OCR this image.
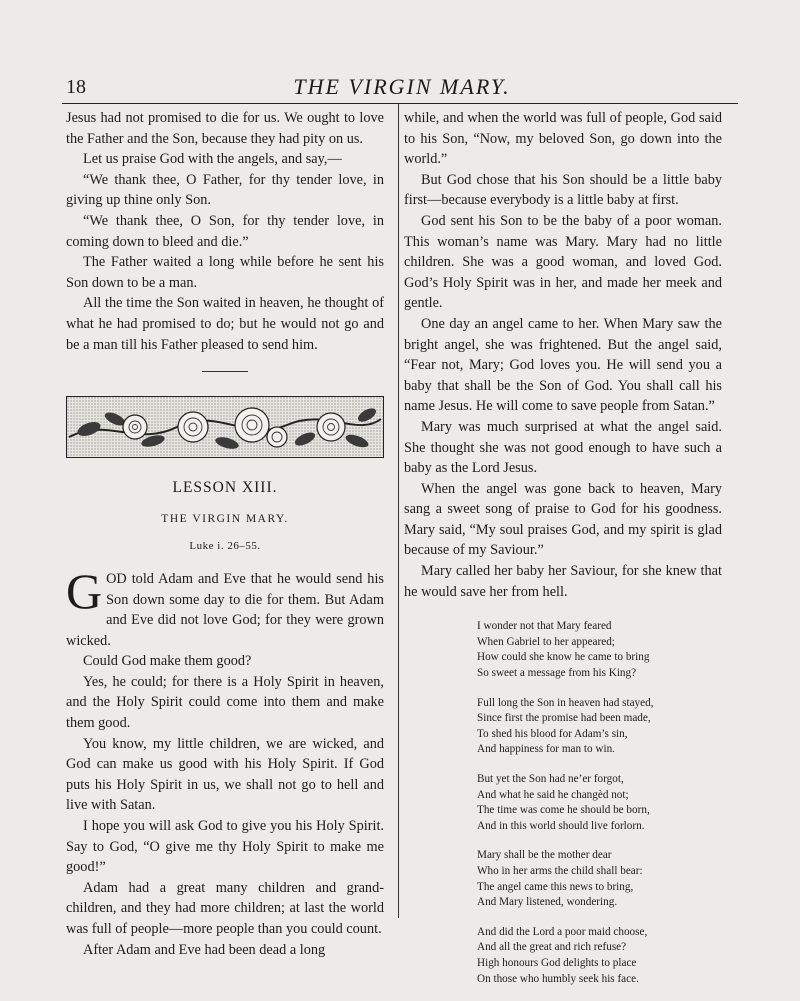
18	THE VIRGIN MARY.

Jesus had not promised to die for us. We ought to love the Father and the Son, because they had pity on us.

Let us praise God with the angels, and say,—

“We thank thee, O Father, for thy tender love, in giving up thine only Son.

“We thank thee, O Son, for thy tender love, in coming down to bleed and die.”

The Father waited a long while before he sent his Son down to be a man.

All the time the Son waited in heaven, he thought of what he had promised to do; but he would not go and be a man till his Father pleased to send him.

LESSON XIII.
THE VIRGIN MARY.
Luke i. 26–55.

GOD told Adam and Eve that he would send his Son down some day to die for them. But Adam and Eve did not love God; for they were grown wicked.

Could God make them good?

Yes, he could; for there is a Holy Spirit in heaven, and the Holy Spirit could come into them and make them good.

You know, my little children, we are wicked, and God can make us good with his Holy Spirit. If God puts his Holy Spirit in us, we shall not go to hell and live with Satan.

I hope you will ask God to give you his Holy Spirit. Say to God, “O give me thy Holy Spirit to make me good!”

Adam had a great many children and grand-children, and they had more children; at last the world was full of people—more people than you could count.

After Adam and Eve had been dead a long

while, and when the world was full of people, God said to his Son, “Now, my beloved Son, go down into the world.”

But God chose that his Son should be a little baby first—because everybody is a little baby at first.

God sent his Son to be the baby of a poor woman. This woman’s name was Mary. Mary had no little children. She was a good woman, and loved God. God’s Holy Spirit was in her, and made her meek and gentle.

One day an angel came to her. When Mary saw the bright angel, she was frightened. But the angel said, “Fear not, Mary; God loves you. He will send you a baby that shall be the Son of God. You shall call his name Jesus. He will come to save people from Satan.”

Mary was much surprised at what the angel said. She thought she was not good enough to have such a baby as the Lord Jesus.

When the angel was gone back to heaven, Mary sang a sweet song of praise to God for his goodness. Mary said, “My soul praises God, and my spirit is glad because of my Saviour.”

Mary called her baby her Saviour, for she knew that he would save her from hell.

I wonder not that Mary feared
When Gabriel to her appeared;
How could she know he came to bring
So sweet a message from his King?
Full long the Son in heaven had stayed,
Since first the promise had been made,
To shed his blood for Adam’s sin,
And happiness for man to win.
But yet the Son had ne’er forgot,
And what he said he changèd not;
The time was come he should be born,
And in this world should live forlorn.
Mary shall be the mother dear
Who in her arms the child shall bear:
The angel came this news to bring,
And Mary listened, wondering.
And did the Lord a poor maid choose,
And all the great and rich refuse?
High honours God delights to place
On those who humbly seek his face.
